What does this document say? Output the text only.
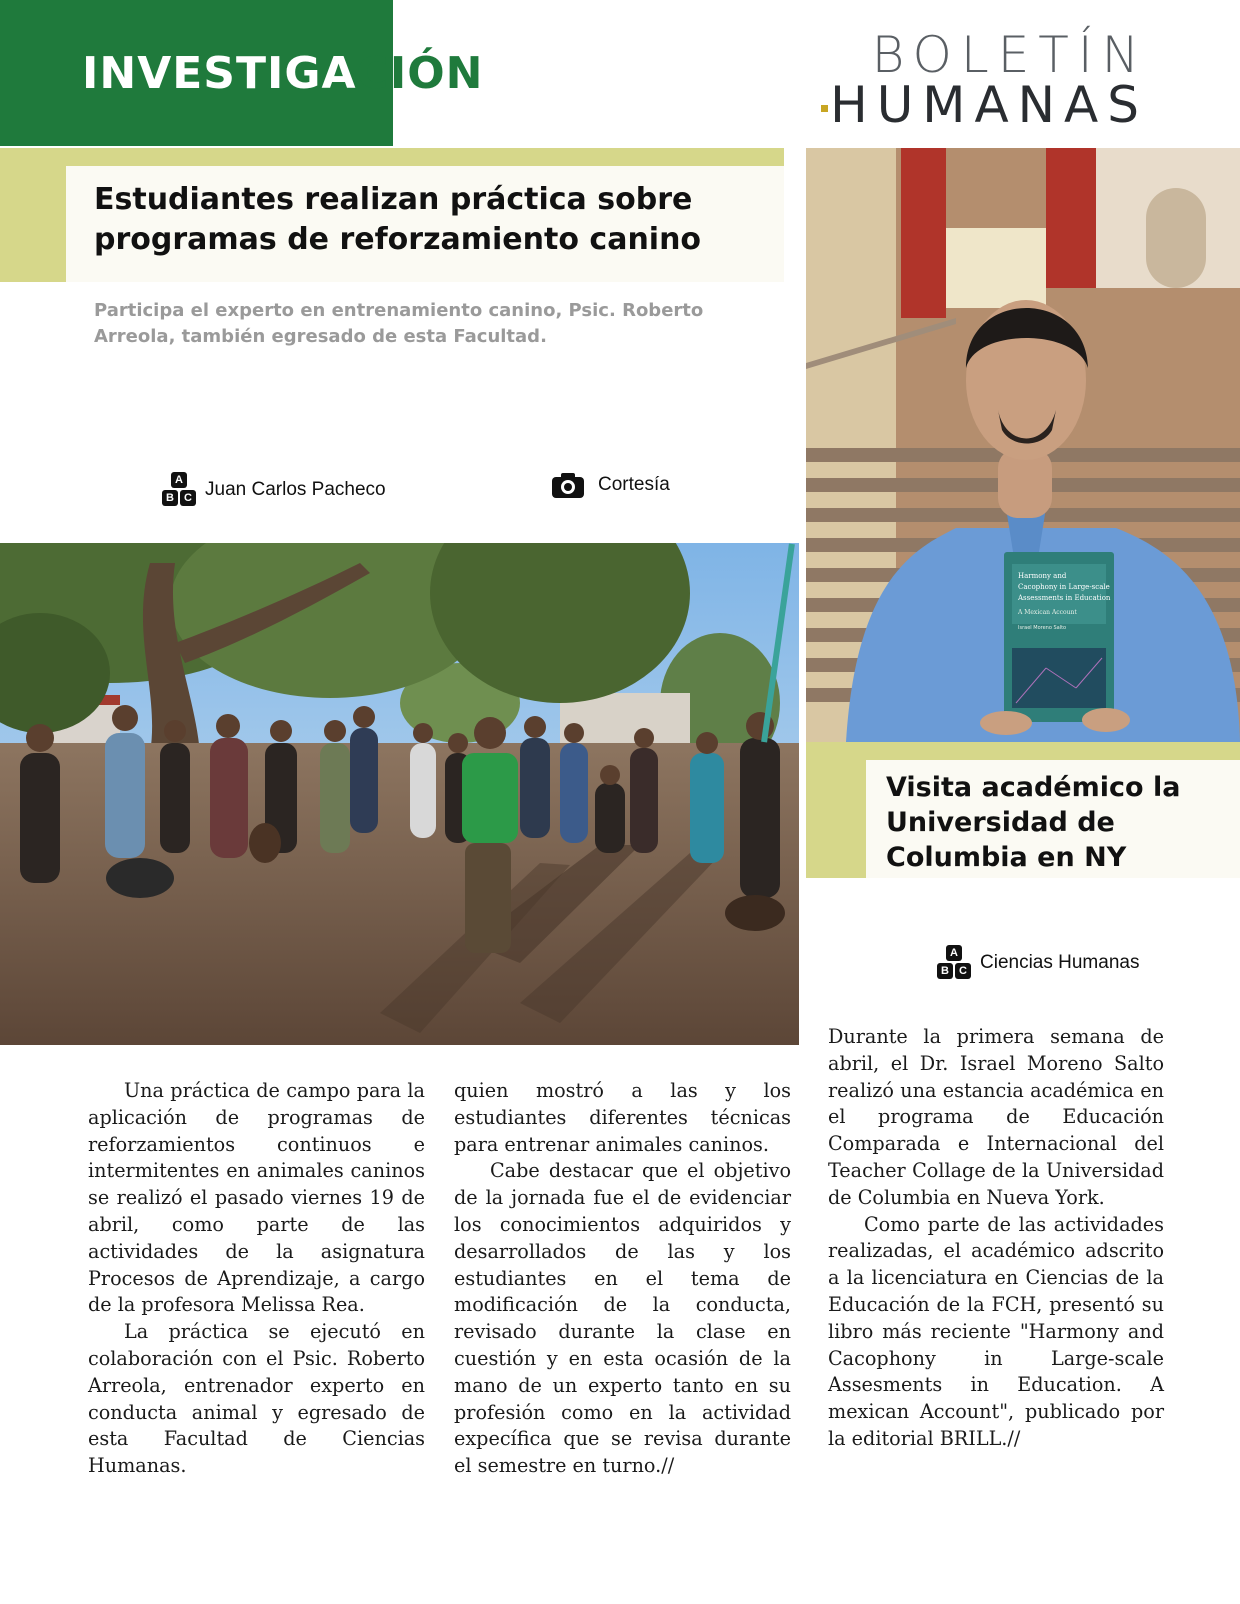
INVESTIGACIÓN	BOLETÍN
HUMANAS
Estudiantes realizan práctica sobre programas de reforzamiento canino

Participa el experto en entrenamiento canino, Psic. Roberto Arreola, también egresado de esta Facultad.

A
B C Juan Carlos Pacheco	Cortesía
Harmony and
Cacophony in Large-scale
Assessments in Education
A Mexican Account
Israel Moreno Salto
Visita académico la Universidad de Columbia en NY
A
B C Ciencias Humanas

Una práctica de campo para la aplicación de programas de reforzamientos continuos e intermitentes en animales caninos se realizó el pasado viernes 19 de abril, como parte de las actividades de la asignatura Procesos de Aprendizaje, a cargo de la profesora Melissa Rea.

La práctica se ejecutó en colaboración con el Psic. Roberto Arreola, entrenador experto en conducta animal y egresado de esta Facultad de Ciencias Humanas.

quien mostró a las y los estudiantes diferentes técnicas para entrenar animales caninos.

Cabe destacar que el objetivo de la jornada fue el de evidenciar los conocimientos adquiridos y desarrollados de las y los estudiantes en el tema de modificación de la conducta, revisado durante la clase en cuestión y en esta ocasión de la mano de un experto tanto en su profesión como en la actividad expecífica que se revisa durante el semestre en turno.//

Durante la primera semana de abril, el Dr. Israel Moreno Salto realizó una estancia académica en el programa de Educación Comparada e Internacional del Teacher Collage de la Universidad de Columbia en Nueva York.

Como parte de las actividades realizadas, el académico adscrito a la licenciatura en Ciencias de la Educación de la FCH, presentó su libro más reciente "Harmony and Cacophony in Large-scale Assesments in Education. A mexican Account", publicado por la editorial BRILL.//
